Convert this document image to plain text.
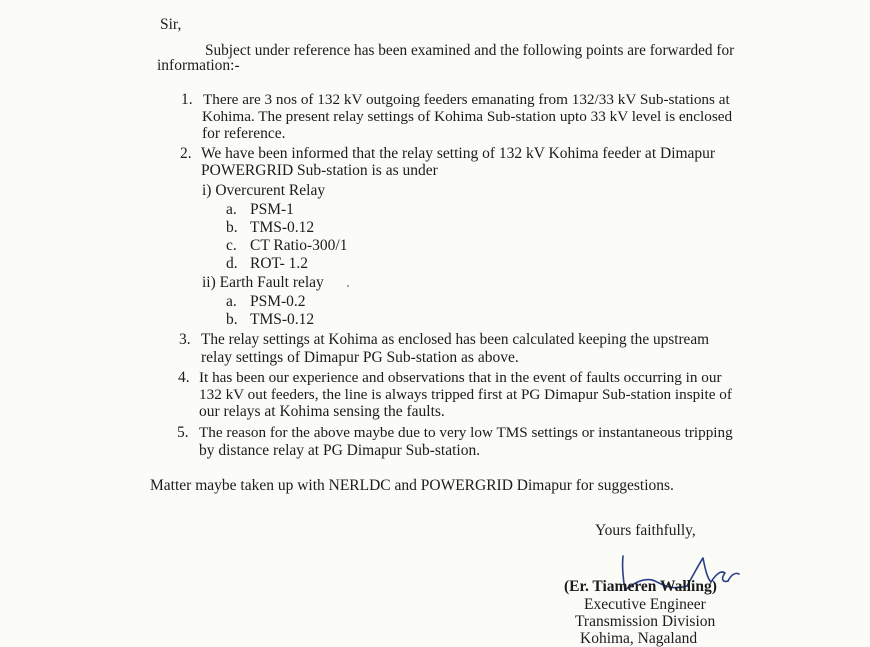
Sir,
Subject under reference has been examined and the following points are forwarded for
information:-
1. There are 3 nos of 132 kV outgoing feeders emanating from 132/33 kV Sub-stations at
Kohima. The present relay settings of Kohima Sub-station upto 33 kV level is enclosed
for reference.
2. We have been informed that the relay setting of 132 kV Kohima feeder at Dimapur
POWERGRID Sub-station is as under
i) Overcurent Relay
a. PSM-1
b. TMS-0.12
c. CT Ratio-300/1
d. ROT- 1.2
ii) Earth Fault relay
a. PSM-0.2
b. TMS-0.12
3. The relay settings at Kohima as enclosed has been calculated keeping the upstream
relay settings of Dimapur PG Sub-station as above.
4. It has been our experience and observations that in the event of faults occurring in our
132 kV out feeders, the line is always tripped first at PG Dimapur Sub-station inspite of
our relays at Kohima sensing the faults.
5. The reason for the above maybe due to very low TMS settings or instantaneous tripping
by distance relay at PG Dimapur Sub-station.
Matter maybe taken up with NERLDC and POWERGRID Dimapur for suggestions.
Yours faithfully,
(Er. Tiameren Walling)
Executive Engineer
Transmission Division
Kohima, Nagaland
